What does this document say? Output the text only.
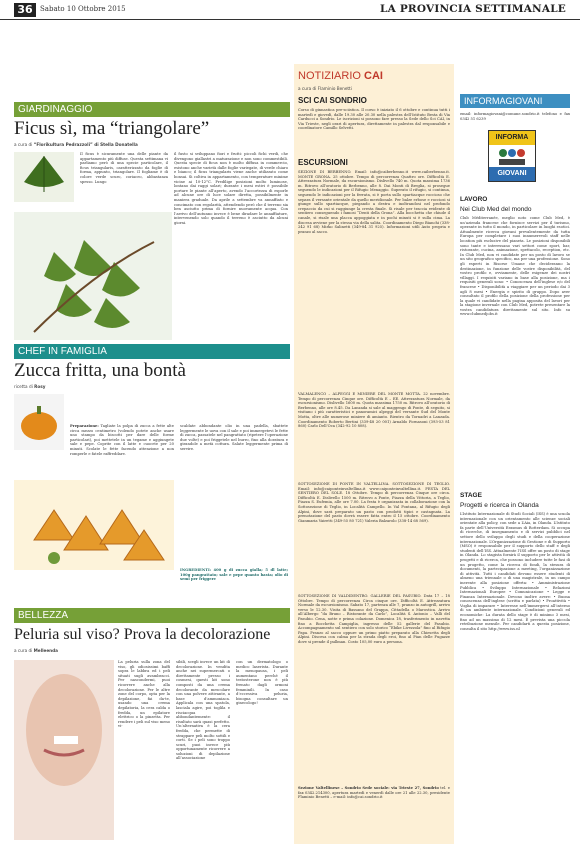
36	Sabato 10 Ottobre 2015	LA PROVINCIA SETTIMANALE
GIARDINAGGIO
Ficus sì, ma “triangolare”
a cura di “Florikultura Pedrazzoli” di Stella Donatella
Il ficus è sicuramente una delle piante da appartamento più diffuse. Questa settimana vi parliamo però di una specie particolare, il ficus triangularis, caratterizzato da foglie di forma, appunto, triangolare. Il fogliame è di colore verde scuro, coriaceo, abbastanza spesso. Lungo
il fusto si sviluppano fiori e frutti: piccoli fichi verdi, che divengono giallastri a maturazione e non sono commestibili. Questa specie di ficus non è molto diffusa in commercio, esistono anche varietà dalle foglie variegate, di verde chiaro e bianco; il ficus triangularis viene anche utilizzato come bonsai. Si coltiva in appartamento, con temperature minime vicine ai 10-12°C. Predilige posizioni molto luminose, lontano dai raggi solari; durante i mesi estivi è possibile portare le piante all’aperto, avendo l’accortezza di esporle ad alcune ore di luce solare diretta, possibilmente in maniera graduale. Da aprile a settembre va annaffiato e concimato con regolarità, attendendo però che il terreno sia ben asciutto prima di fornire nuovamente acqua. Con l’arrivo dell’autunno invece è bene diradare le annaffiature, intervenendo solo quando il terreno è asciutto da alcuni giorni.
CHEF IN FAMIGLIA
Zucca fritta, una bontà
ricetta di Rosy
Preparazione: Tagliate la polpa di zucca a fette alte circa mezzo centimetro (volendo potete anche usare uno stampo da biscotti per dare delle forme particolari), poi mettetele in un tegame e aggiungete sale e pepe. Coprite con il latte e cuocete per 20 minuti. Scolate le fette facendo attenzione a non romperle e fatele raffreddare.
scaldate abbondante olio in una padella, sbattete leggermente le uova con il sale e poi immergetevi le fette di zucca, passatele nel pangrattato (ripetere l’operazione due volte) e poi friggetele nel burro, fino alla doratura e girandole a metà cottura. Salate leggermente prima di servire.
INGREDIENTI: 400 g di zucca gialla; 5 dl latte; 100g pangrattato; sale e pepe quanto basta; olio di semi per friggere
BELLEZZA
Peluria sul viso? Prova la decolorazione
a cura di Melleenda
La peluria sulla zona del viso, gli odiosissimi baffi sopra le labbra ed i peli situati sugli avambracci. Per nascondermi, puoi ricorrere anche alla decolorazione. Per le altre zone del corpo, opta per la depilazione, fai da-te, usando una crema depilatoria, la cera calda o fredda, un epilatore elettrico o la pinzetta. Per rendere i peli sul viso meno vi-
sibili, scegli invece un kit di decolorazione. In vendita anche nei supermercati o direttamente presso i cosmesi, questi kit sono composti da una crema decolorante da mescolare con una polvere attivante, a base d’ammoniaca. Applicala con una spatola, lasciala agire, poi toglila e risciacqua abbondantemente: il risultato sarà quasi perfetto. Un’alternativa è la cera fredda, che permette di strappare peli molto sottili e corti. Se i peli sono troppo scuri, puoi invece più opportunamente ricorrere a soluzioni di depilazione all’associazione
con un dermatologo o medico laserista. Durante la menopausa, i peli aumentano perché il testosterone non è più frenato dagli ormoni femminili. In caso d’eccessiva peluria, bisogna consultare un ginecologo!
NOTIZIARIO CAI
a cura di Flaminio Benetti
SCI CAI SONDRIO
Corso di ginnastica pre-sciistica. Il corso è iniziato il 6 ottobre e continua tutti i martedì e giovedì, dalle 19.30 alle 20.30 nella palestra dell’Istituto Besta di Via Carducci a Sondrio. Le iscrizioni si possono fare presso la Sede dello Sci CAI, in Via Trieste, negli orari di apertura, direttamente in palestra dal responsabile e coordinatore Camillo Selvetti.
ESCURSIONI
SEZIONE DI BERBENNO. Email: info@caiberbenno.it www.caiberbenno.it. MONTE GRONA. 25 ottobre. Tempo di percorrenza Quattro ore. Difficoltà E. Attrezzatura Normale, da escursionismo. Dislivello 740 m. Quota massima 1736 m. Ritrovo all’oratorio di Berbenno, alle 8. Dai Monti di Breglia, si prosegue seguendo le indicazioni per il Rifugio Menaggio. Superato il rifugio, si continua, seguendo le indicazioni per la ferrata, si è porta sullo spartiacque roccioso che separa il versante orientale da quello meridionale. Per balze erbose e rocciosi si giunge sullo spartiacque, piegando a destra e inoltrandosi nel profondo crepaccio da cui si raggiunge la cresta finale. Si risale per traccia evidente di sentiero conseguendo i famosi “Denti della Grona”. Alla bocchetta che chiude il canale, si risale una placca appoggiata e in pochi minuti si è sulla cima. La discesa avviene per la stessa via della salita. Coordinamento Diego Bianchi (338-242 91 68) Mirko Salinetti (349-84 31 925). Informazioni utili Auto propria e pranzo al sacco.
VALMALENCO – ALPEGGI E MINIERE DEL MONTE MOTTA. 22 novembre. Tempo di percorrenza Cinque ore. Difficoltà E – EE. Attrezzatura Normale, da escursionismo. Dislivello 1600 m. Quota massima 1750 m. Ritrovo all’oratorio di Berbenno, alle ore 8.45. Da Lanzada si sale al maggengo di Ponte, di seguito, si visitano i più caratteristici e panoramici alpeggi del versante Sud del Monte Motta, oltre alle numerose miniere di amianto. Rientro da Tornadri a Lanzada. Coordinamento Roberto Bertini (339-48 20 001) Arnaldo Fornasoni (393-53 81 860) Carlo Dell’Oca (342-92 10 808).
SOTTOSEZIONE DI PONTE IN VALTELLINA. SOTTOSEZIONE DI TEGLIO. Email: info@caiponteinvaltellina.it www.caiponteinvaltellina.it. FESTA DEL SENTIERO DEL SOLE. 18 Ottobre. Tempo di percorrenza Cinque ore circa. Difficoltà E. Dislivello 1500 m. Ritrovo a Ponte, Piazza della Vittoria, a Teglio, Piazza S. Eufemia, alle ore 7.00. La festa è organizzata in collaborazione con la Sottosezione di Teglio, in Località Campello. In Val Fontana, al Rifugio degli Alpini, dove sarà preparato un pasto con prodotti tipici e castagnata. La prenotazione del pasto dovrà essere fatta entro il 15 ottobre. Coordinamento Gianmaria Vairetti (349-55 80 721) Valeria Balzarolo (338-14 68 569).
SOTTOSEZIONE DI VALDIDENTRO. GALLERIE DEL PASUBIO. Data 17 – 18 Ottobre. Tempo di percorrenza Circa cinque ore. Difficoltà E. Attrezzatura Normale da escursionismo. Sabato 17, partenza alle 7, pranzo in autogrill, arrivo verso le 12.30. Visita di Bassano del Grappa, Cittadella o Marostica. Arrivo all’Albergo “da Bruno – Ristorante da Carlo”, Località S. Antonio – Valli del Pasubio. Cena, notte e prima colazione. Domenica 18, trasferimento in navetta fino a Bocchetta Campiglia, ingresso delle 52 gallerie del Pasubio. Accompagnamento sul sentiero con solo storico “Ebike Livezzola” fino al Rifugio Papa. Pranzo al sacco oppure un primo piatto preparato alla Chiesetta degli Alpini. Discesa con calma per la strada degli eroi, fino al Pian delle Fugazze dove si prende il pullman. Costo 105,00 euro a persona.
Sezione Valtellinese – Sondrio Sede sociale: via Trieste 27, Sondrio tel. e fax 0342.214300, apertura martedì e venerdì dalle ore 21 alle 22.30, presidente Flaminio Benetti – e-mail: info@cai.sondrio.it
INFORMAGIOVANI
email: informagiovani@comune.sondrio.it telefono e fax 0342 51 6239
INFORMA
GIOVANI
LAVORO
Nei Club Med del mondo
Club Méditerranée, meglio noto come Club Med, è un’azienda francese che fornisce servizi per il turismo, operante in tutto il mondo, in particolare in luoghi esotici. Attualmente ricerca giovani prevalentemente da tutta Europa per completare i suoi innumerevoli staff nelle location più esclusive del pianeta. Le posizioni disponibili sono tante e interessano vari settori come sport, bar, ristorante, cucina, animazione, spettacolo, reception, etc. In Club Med, non vi candidate per un posto di lavoro se un sito geografico specifico, ma per una professione. Sono gli esperti in Risorse Umane che decideranno la destinazione, in funzione delle vostre disponibilità, del vostro profilo e, ovviamente, delle esigenze dei nostri villaggi. I requisiti variano in base alla posizione, ma i requisiti generali sono: • Conoscenza dell’inglese e/o del francese • Disponibilità a viaggiare per un periodo dai 3 agli 8 mesi • Energia e spirito di gruppo. Dopo aver consultato il profilo della posizione della professione per la quale vi candidate nella pagina apposita del lavori per la stagione invernale con Club Med, potrete presentare la vostra candidatura direttamente sul sito. Info su www.clubmedjobs.it
STAGE
Progetti e ricerca in Olanda
L’Istituto Internazionale di Studi Sociali (ISS) è una scuola internazionale con un orientamento alle scienze sociali orientate alla policy, con sede a L’Aia, in Olanda. L’Istituto fa parte dell’Università Erasmus di Rotterdam. Si occupa di ricerche, di insegnamento e di servizi pubblici nel settore dello sviluppo degli studi e della cooperazione internazionale. L’Organizzazione di Gestione e di Supporto (MSO) è responsabile per il supporto dello staff e degli studenti dell’ISS. Attualmente l’ISS offre un posto di stage in Olanda. Lo stagista fornirà il supporto per le attività di progetti e di ricerca, che possono includere tutte le fasi di un progetto, come la ricerca di fondi, la stesura di documenti, la partecipazione a meeting, l’organizzazione di attività. Tutti i candidati devono essere studenti di almeno una triennale o di una magistrale, in un campo inerente alla posizione offerta: • Amministrazione Pubblica • Sviluppo Internazionale • Relazioni Internazionali Europee • Comunicazione • Legge e Finanza Internazionale. Devono inoltre avere: • Buona conoscenza dell’inglese (scritta e parlata) • Proattività • Voglia di imparare • Interesse nell’immergersi all’interno di un ambiente internazionale. Condizioni generali ed economiche: La durata dello stage è di minimo 3 mesi, fino ad un massimo di 12 mesi. È prevista una piccola retribuzione mensile. Per candidarti a questa posizione, consulta il sito http://www.iss.nl
